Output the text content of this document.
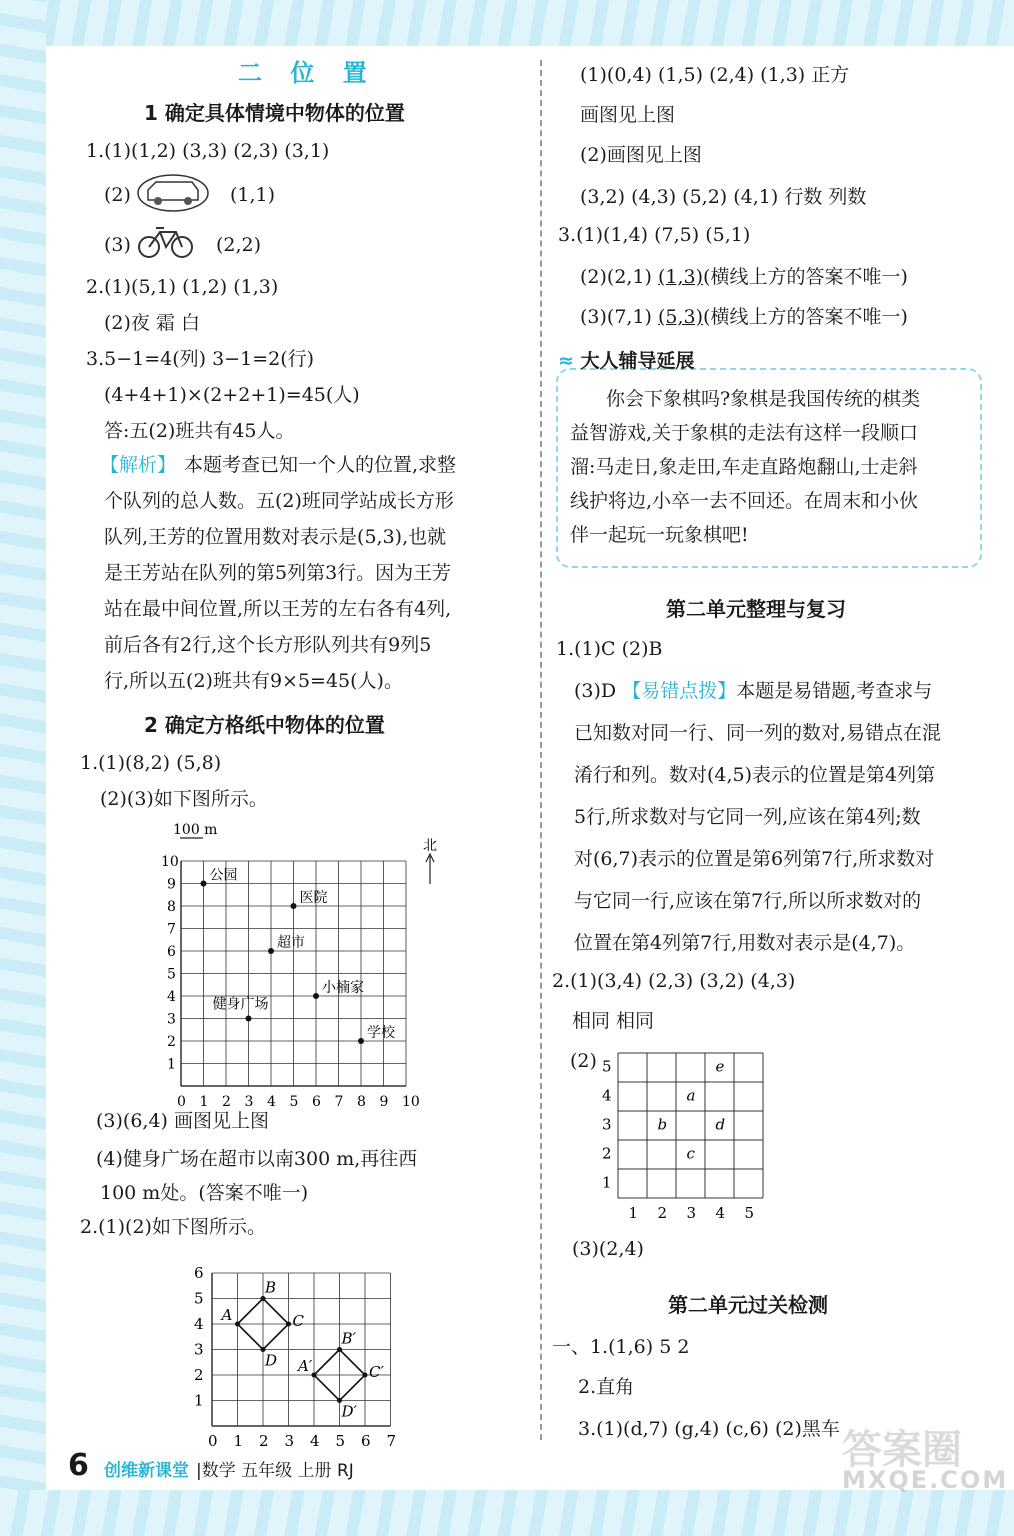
二 位 置
1 确定具体情境中物体的位置
1.(1)(1,2) (3,3) (2,3) (3,1)
(2)	(1,1)
(3)	(2,2)
2.(1)(5,1) (1,2) (1,3)
(2)夜 霜 白
3.5−1=4(列) 3−1=2(行)
(4+4+1)×(2+2+1)=45(人)
答:五(2)班共有45人。
【解析】 本题考查已知一个人的位置,求整
个队列的总人数。五(2)班同学站成长方形
队列,王芳的位置用数对表示是(5,3),也就
是王芳站在队列的第5列第3行。因为王芳
站在最中间位置,所以王芳的左右各有4列,
前后各有2行,这个长方形队列共有9列5
行,所以五(2)班共有9×5=45(人)。
2 确定方格纸中物体的位置
1.(1)(8,2) (5,8)
(2)(3)如下图所示。
100 m
0 1 2 3 4 5 6 7 8 9 10
1
2
3
4
5
6
7
8
9
10
公园
医院
超市
小楠家
健身广场
学校
北
(3)(6,4) 画图见上图
(4)健身广场在超市以南300 m,再往西
100 m处。(答案不唯一)
2.(1)(2)如下图所示。
0 1 2 3 4 5 6 7
1
2
3
4
5
6
A
B
C
D A′
B′
C′
D′
(1)(0,4) (1,5) (2,4) (1,3) 正方
画图见上图
(2)画图见上图
(3,2) (4,3) (5,2) (4,1) 行数 列数
3.(1)(1,4) (7,5) (5,1)
(2)(2,1) (1,3)(横线上方的答案不唯一)
(3)(7,1) (5,3)(横线上方的答案不唯一)
≈ 大人辅导延展
你会下象棋吗?象棋是我国传统的棋类
益智游戏,关于象棋的走法有这样一段顺口
溜:马走日,象走田,车走直路炮翻山,士走斜
线护将边,小卒一去不回还。在周末和小伙
伴一起玩一玩象棋吧!
第二单元整理与复习
1.(1)C (2)B
(3)D 【易错点拨】本题是易错题,考查求与
已知数对同一行、同一列的数对,易错点在混
淆行和列。数对(4,5)表示的位置是第4列第
5行,所求数对与它同一列,应该在第4列;数
对(6,7)表示的位置是第6列第7行,所求数对
与它同一行,应该在第7行,所以所求数对的
位置在第4列第7行,用数对表示是(4,7)。
2.(1)(3,4) (2,3) (3,2) (4,3)
相同 相同
(2)
1 2 3 4 5
1
2
3
4
5	e
a
b	d
c
(3)(2,4)
第二单元过关检测
一、1.(1,6) 5 2
2.直角
3.(1)(d,7) (g,4) (c,6) (2)黑车
6 创维新课堂 |数学 五年级 上册 RJ	答案圈
MXQE.COM
